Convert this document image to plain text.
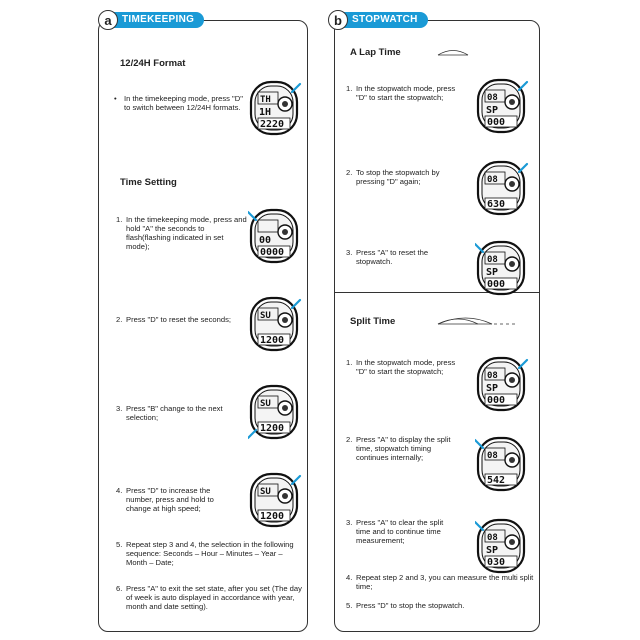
a	TIMEKEEPING
12/24H Format
• In the timekeeping mode, press "D" to switch between 12/24H formats.
Time Setting
1. In the timekeeping mode, press and hold "A" the seconds to flash(flashing indicated in set mode);
2. Press "D" to reset the seconds;
3. Press "B" change to the next selection;
4. Press "D" to increase the number, press and hold to change at high speed;
5. Repeat step 3 and 4, the selection in the following sequence: Seconds – Hour – Minutes – Year – Month – Date;
6. Press "A" to exit the set state, after you set (The day of week is auto displayed in accordance with year, month and date setting).
b	STOPWATCH
A Lap Time
1. In the stopwatch mode, press "D" to start the stopwatch;
2. To stop the stopwatch by pressing "D" again;
3. Press "A" to reset the stopwatch.
Split Time
1. In the stopwatch mode, press "D" to start the stopwatch;
2. Press "A" to display the split time, stopwatch timing continues internally;
3. Press "A" to clear the split time and to continue time measurement;
4. Repeat step 2 and 3, you can measure the multi split time;
5. Press "D" to stop the stopwatch.
TH
1H
2220
00
0000
SU
1200
SU
1200
SU
1200
08
SP
000
08
630
08
SP
000
08
SP
000
08
542
08
SP
030
